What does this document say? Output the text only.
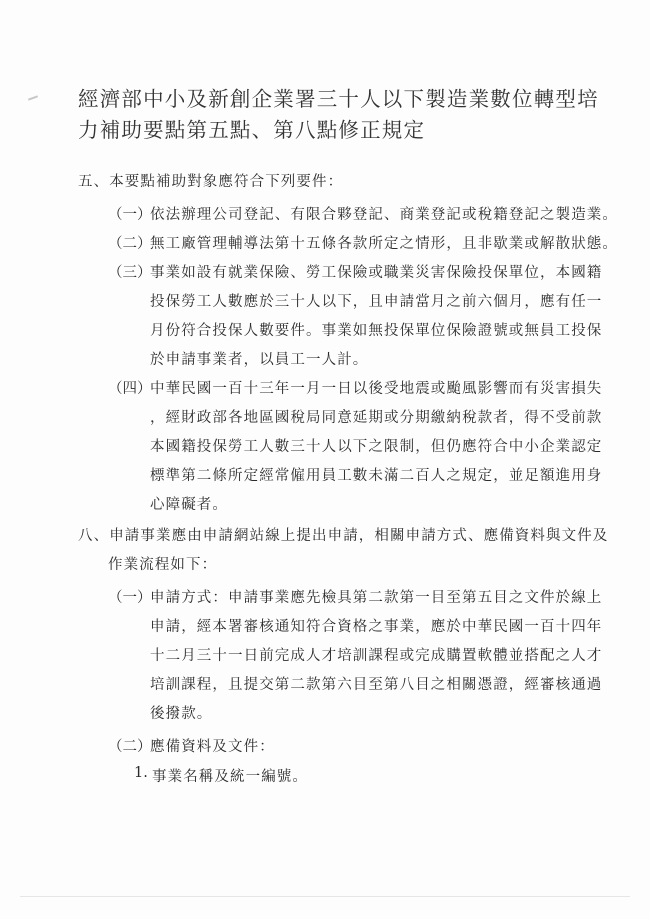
經濟部中小及新創企業署三十人以下製造業數位轉型培
力補助要點第五點、第八點修正規定
五、本要點補助對象應符合下列要件：
（一）
依法辦理公司登記、有限合夥登記、商業登記或稅籍登記之製造業。
（二）
無工廠管理輔導法第十五條各款所定之情形，且非歇業或解散狀態。
（三）
事業如設有就業保險、勞工保險或職業災害保險投保單位，本國籍
投保勞工人數應於三十人以下，且申請當月之前六個月，應有任一
月份符合投保人數要件。事業如無投保單位保險證號或無員工投保
於申請事業者，以員工一人計。
（四）
中華民國一百十三年一月一日以後受地震或颱風影響而有災害損失
，經財政部各地區國稅局同意延期或分期繳納稅款者，得不受前款
本國籍投保勞工人數三十人以下之限制，但仍應符合中小企業認定
標準第二條所定經常僱用員工數未滿二百人之規定，並足額進用身
心障礙者。
八、申請事業應由申請網站線上提出申請，相關申請方式、應備資料與文件及
作業流程如下：
（一）
申請方式：申請事業應先檢具第二款第一目至第五目之文件於線上
申請，經本署審核通知符合資格之事業，應於中華民國一百十四年
十二月三十一日前完成人才培訓課程或完成購置軟體並搭配之人才
培訓課程，且提交第二款第六目至第八目之相關憑證，經審核通過
後撥款。
（二）
應備資料及文件：
1. 事業名稱及統一編號。
